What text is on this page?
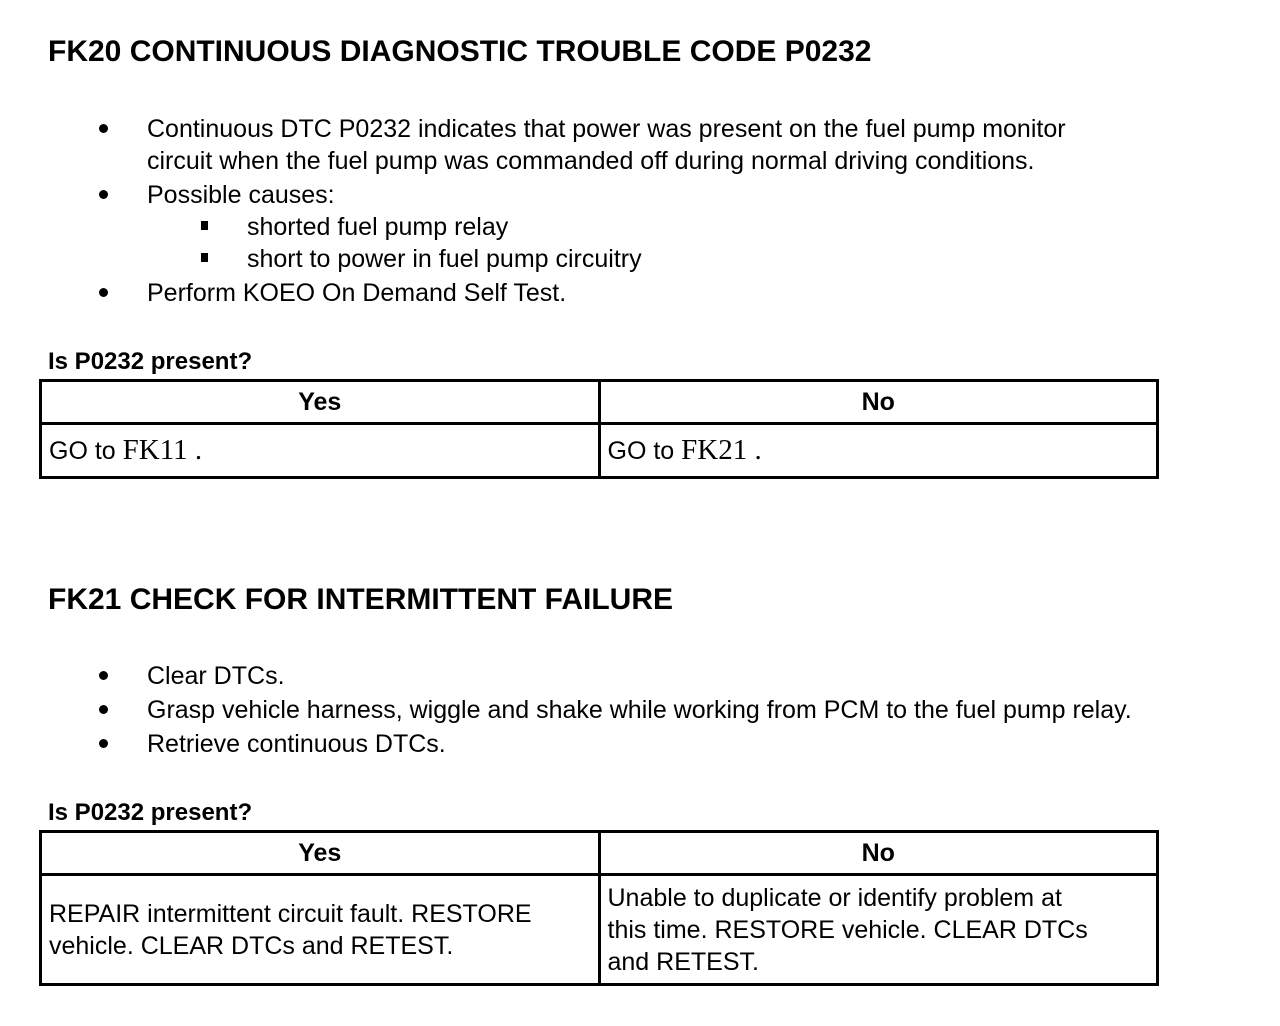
FK20 CONTINUOUS DIAGNOSTIC TROUBLE CODE P0232
Continuous DTC P0232 indicates that power was present on the fuel pump monitor
circuit when the fuel pump was commanded off during normal driving conditions.
Possible causes:
shorted fuel pump relay
short to power in fuel pump circuitry
Perform KOEO On Demand Self Test.

Is P0232 present?

Yes	No
GO to FK11 .	GO to FK21 .
FK21 CHECK FOR INTERMITTENT FAILURE
Clear DTCs.
Grasp vehicle harness, wiggle and shake while working from PCM to the fuel pump relay.
Retrieve continuous DTCs.

Is P0232 present?

Yes	No
REPAIR intermittent circuit fault. RESTORE
vehicle. CLEAR DTCs and RETEST.	Unable to duplicate or identify problem at
this time. RESTORE vehicle. CLEAR DTCs
and RETEST.
